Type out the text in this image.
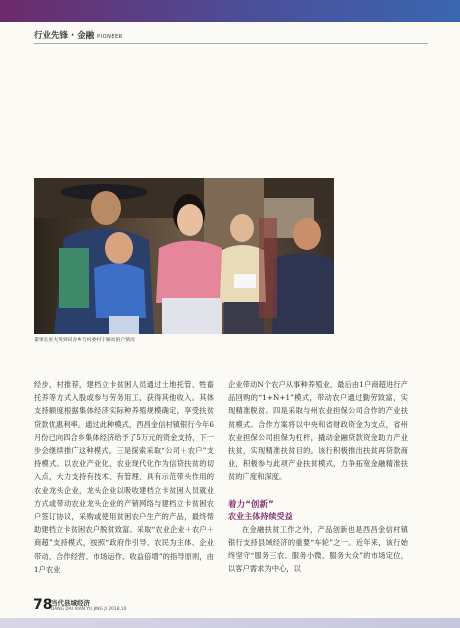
行业先锋 · 金融 PIONEER
董事长巫大英到田舍乡与村委村干解贫困户情况

经步，村推荐，建档立卡贫困人员通过土地托管、牲畜托养等方式入股或参与劳务用工，获得其他收入。其体支持额度根据集体经济实际种养殖规模确定，享受扶贫贷款优惠利率。通过此种模式，西昌金信村镇银行今年6月份已向四合乡集体经济给予了5万元的资金支持，下一步会继续推广这种模式。三是探索采取“公司＋农户”支持模式。以农业产业化、农业现代化作为信贷扶贫的切入点，大力支持有技术、有管理、具有示范带头作用的农业龙头企业，龙头企业以吸收建档立卡贫困人员就业方式或带动农业龙头企业的产销网络与建档立卡贫困农户签订协议，采购或使用贫困农户生产的产品，最终帮助建档立卡贫困农户脱贫致富。采取“农业企业＋农户＋商超”支持模式，按照“政府作引导、农民为主体、企业带动、合作经营、市场运作、收益倍增”的指导原则，由1户农业

企业带动N个农户从事种养殖业，最后由1户商超进行产品回购的“1+N+1”模式，带动农户通过勤劳致富，实现精准脱贫。四是采取与州农业担保公司合作的产业扶贫模式。合作方案将以中央和省财政资金为支点，省州农业担保公司担保为杠杆，撬动金融贷款资金助力产业扶贫，实现精准扶贫目的。该行积极推出扶贫再贷款商业，积极参与此项产业扶贫模式，力争拓宽金融精准扶贫的广度和深度。

着力“创新”
农业主体持续受益

在金融扶贫工作之外，产品创新也是西昌金信村镇银行支持县域经济的重要“车轮”之一。近年来，该行始终坚守“服务三农、服务小微、服务大众”的市场定位，以客户需求为中心，以

78
当代县域经济
DANG DAI XIAN YU JING JI 2018.10
